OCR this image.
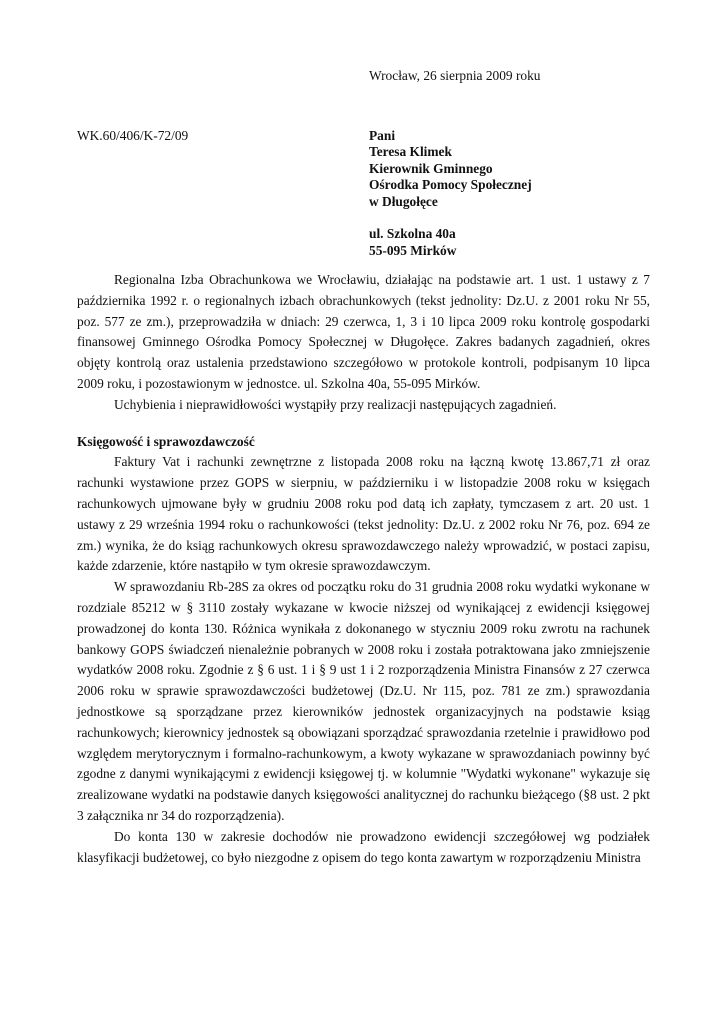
Wrocław, 26 sierpnia 2009 roku
WK.60/406/K-72/09	Pani
Teresa Klimek
Kierownik Gminnego
Ośrodka Pomocy Społecznej
w Długołęce
ul. Szkolna 40a
55-095 Mirków

Regionalna Izba Obrachunkowa we Wrocławiu, działając na podstawie art. 1 ust. 1 ustawy z 7 października 1992 r. o regionalnych izbach obrachunkowych (tekst jednolity: Dz.U. z 2001 roku Nr 55, poz. 577 ze zm.), przeprowadziła w dniach: 29 czerwca, 1, 3 i 10 lipca 2009 roku kontrolę gospodarki finansowej Gminnego Ośrodka Pomocy Społecznej w Długołęce. Zakres badanych zagadnień, okres objęty kontrolą oraz ustalenia przedstawiono szczegółowo w protokole kontroli, podpisanym 10 lipca 2009 roku, i pozostawionym w jednostce. ul. Szkolna 40a, 55-095 Mirków.

Uchybienia i nieprawidłowości wystąpiły przy realizacji następujących zagadnień.

Księgowość i sprawozdawczość

Faktury Vat i rachunki zewnętrzne z listopada 2008 roku na łączną kwotę 13.867,71 zł oraz rachunki wystawione przez GOPS w sierpniu, w październiku i w listopadzie 2008 roku w księgach rachunkowych ujmowane były w grudniu 2008 roku pod datą ich zapłaty, tymczasem z art. 20 ust. 1 ustawy z 29 września 1994 roku o rachunkowości (tekst jednolity: Dz.U. z 2002 roku Nr 76, poz. 694 ze zm.) wynika, że do ksiąg rachunkowych okresu sprawozdawczego należy wprowadzić, w postaci zapisu, każde zdarzenie, które nastąpiło w tym okresie sprawozdawczym.

W sprawozdaniu Rb-28S za okres od początku roku do 31 grudnia 2008 roku wydatki wykonane w rozdziale 85212 w § 3110 zostały wykazane w kwocie niższej od wynikającej z ewidencji księgowej prowadzonej do konta 130. Różnica wynikała z dokonanego w styczniu 2009 roku zwrotu na rachunek bankowy GOPS świadczeń nienależnie pobranych w 2008 roku i została potraktowana jako zmniejszenie wydatków 2008 roku. Zgodnie z § 6 ust. 1 i § 9 ust 1 i 2 rozporządzenia Ministra Finansów z 27 czerwca 2006 roku w sprawie sprawozdawczości budżetowej (Dz.U. Nr 115, poz. 781 ze zm.) sprawozdania jednostkowe są sporządzane przez kierowników jednostek organizacyjnych na podstawie ksiąg rachunkowych; kierownicy jednostek są obowiązani sporządzać sprawozdania rzetelnie i prawidłowo pod względem merytorycznym i formalno-rachunkowym, a kwoty wykazane w sprawozdaniach powinny być zgodne z danymi wynikającymi z ewidencji księgowej tj. w kolumnie "Wydatki wykonane" wykazuje się zrealizowane wydatki na podstawie danych księgowości analitycznej do rachunku bieżącego (§8 ust. 2 pkt 3 załącznika nr 34 do rozporządzenia).

Do konta 130 w zakresie dochodów nie prowadzono ewidencji szczegółowej wg podziałek klasyfikacji budżetowej, co było niezgodne z opisem do tego konta zawartym w rozporządzeniu Ministra
